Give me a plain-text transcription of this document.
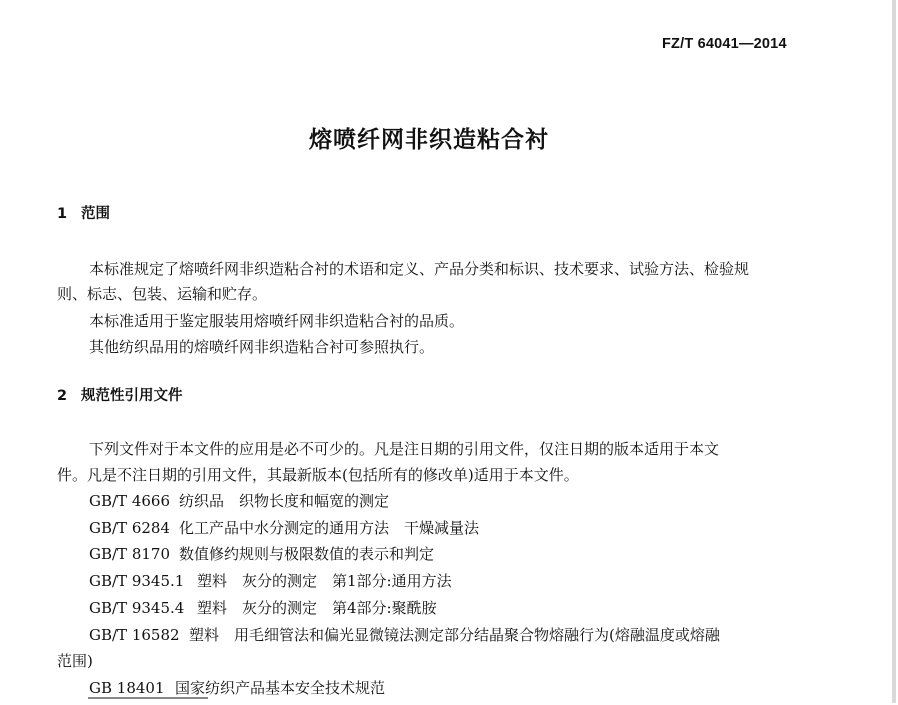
FZ/T 64041—2014
熔喷纤网非织造粘合衬
1 范围
本标准规定了熔喷纤网非织造粘合衬的术语和定义、产品分类和标识、技术要求、试验方法、检验规
则、标志、包装、运输和贮存。
本标准适用于鉴定服装用熔喷纤网非织造粘合衬的品质。
其他纺织品用的熔喷纤网非织造粘合衬可参照执行。
2 规范性引用文件
下列文件对于本文件的应用是必不可少的。凡是注日期的引用文件，仅注日期的版本适用于本文
件。凡是不注日期的引用文件，其最新版本(包括所有的修改单)适用于本文件。
GB/T 4666 纺织品　织物长度和幅宽的测定
GB/T 6284 化工产品中水分测定的通用方法　干燥减量法
GB/T 8170 数值修约规则与极限数值的表示和判定
GB/T 9345.1 塑料　灰分的测定　第1部分:通用方法
GB/T 9345.4 塑料　灰分的测定　第4部分:聚酰胺
GB/T 16582 塑料　用毛细管法和偏光显微镜法测定部分结晶聚合物熔融行为(熔融温度或熔融
范围)
GB 18401 国家纺织产品基本安全技术规范
